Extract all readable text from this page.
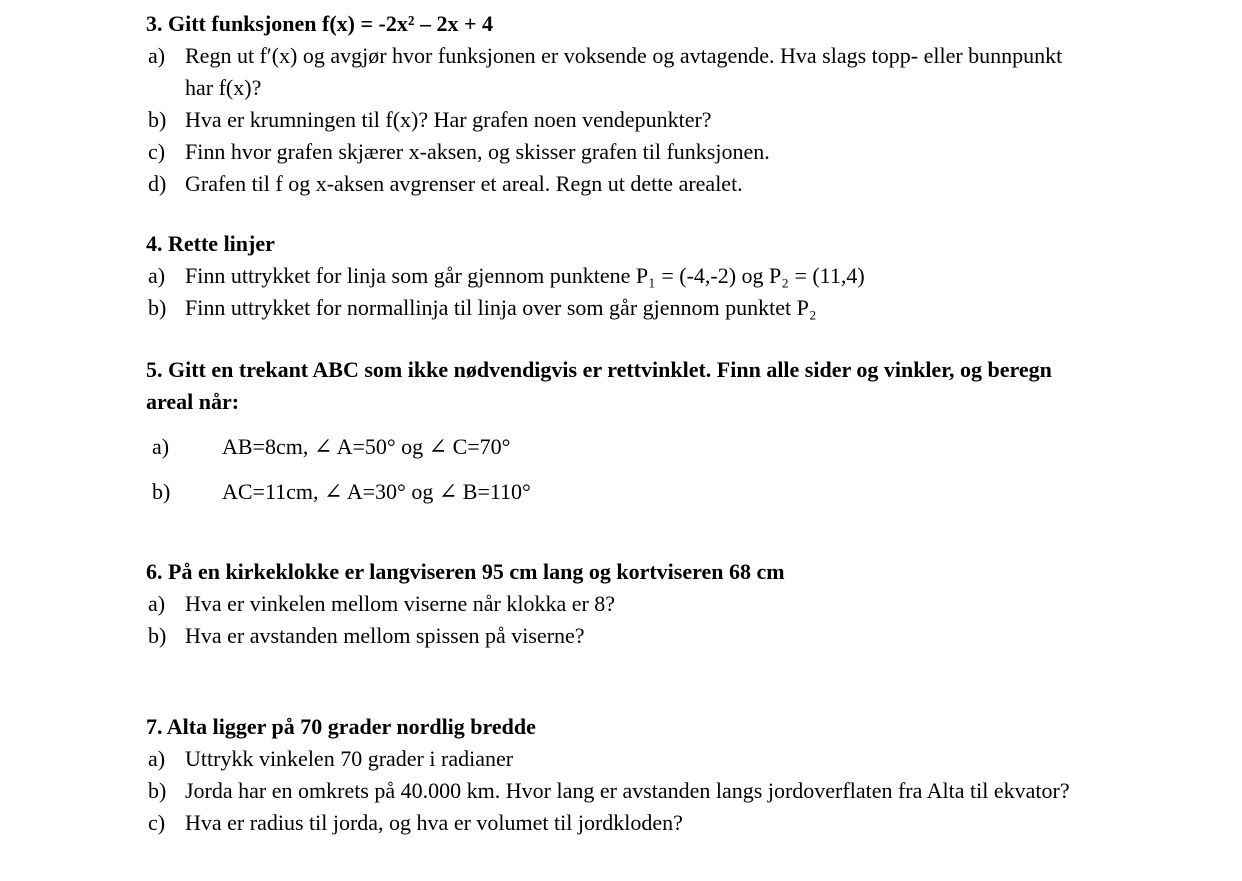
3. Gitt funksjonen f(x) = -2x² – 2x + 4
a) Regn ut f′(x) og avgjør hvor funksjonen er voksende og avtagende. Hva slags topp- eller bunnpunkt har f(x)?
b) Hva er krumningen til f(x)? Har grafen noen vendepunkter?
c) Finn hvor grafen skjærer x-aksen, og skisser grafen til funksjonen.
d) Grafen til f og x-aksen avgrenser et areal. Regn ut dette arealet.
4. Rette linjer
a) Finn uttrykket for linja som går gjennom punktene P₁ = (-4,-2) og P₂ = (11,4)
b) Finn uttrykket for normallinja til linja over som går gjennom punktet P₂
5. Gitt en trekant ABC som ikke nødvendigvis er rettvinklet. Finn alle sider og vinkler, og beregn areal når:
a)	AB=8cm, ∠ A=50° og ∠ C=70°
b)	AC=11cm, ∠ A=30° og ∠ B=110°
6. På en kirkeklokke er langviseren 95 cm lang og kortviseren 68 cm
a) Hva er vinkelen mellom viserne når klokka er 8?
b) Hva er avstanden mellom spissen på viserne?
7. Alta ligger på 70 grader nordlig bredde
a) Uttrykk vinkelen 70 grader i radianer
b) Jorda har en omkrets på 40.000 km. Hvor lang er avstanden langs jordoverflaten fra Alta til ekvator?
c) Hva er radius til jorda, og hva er volumet til jordkloden?
